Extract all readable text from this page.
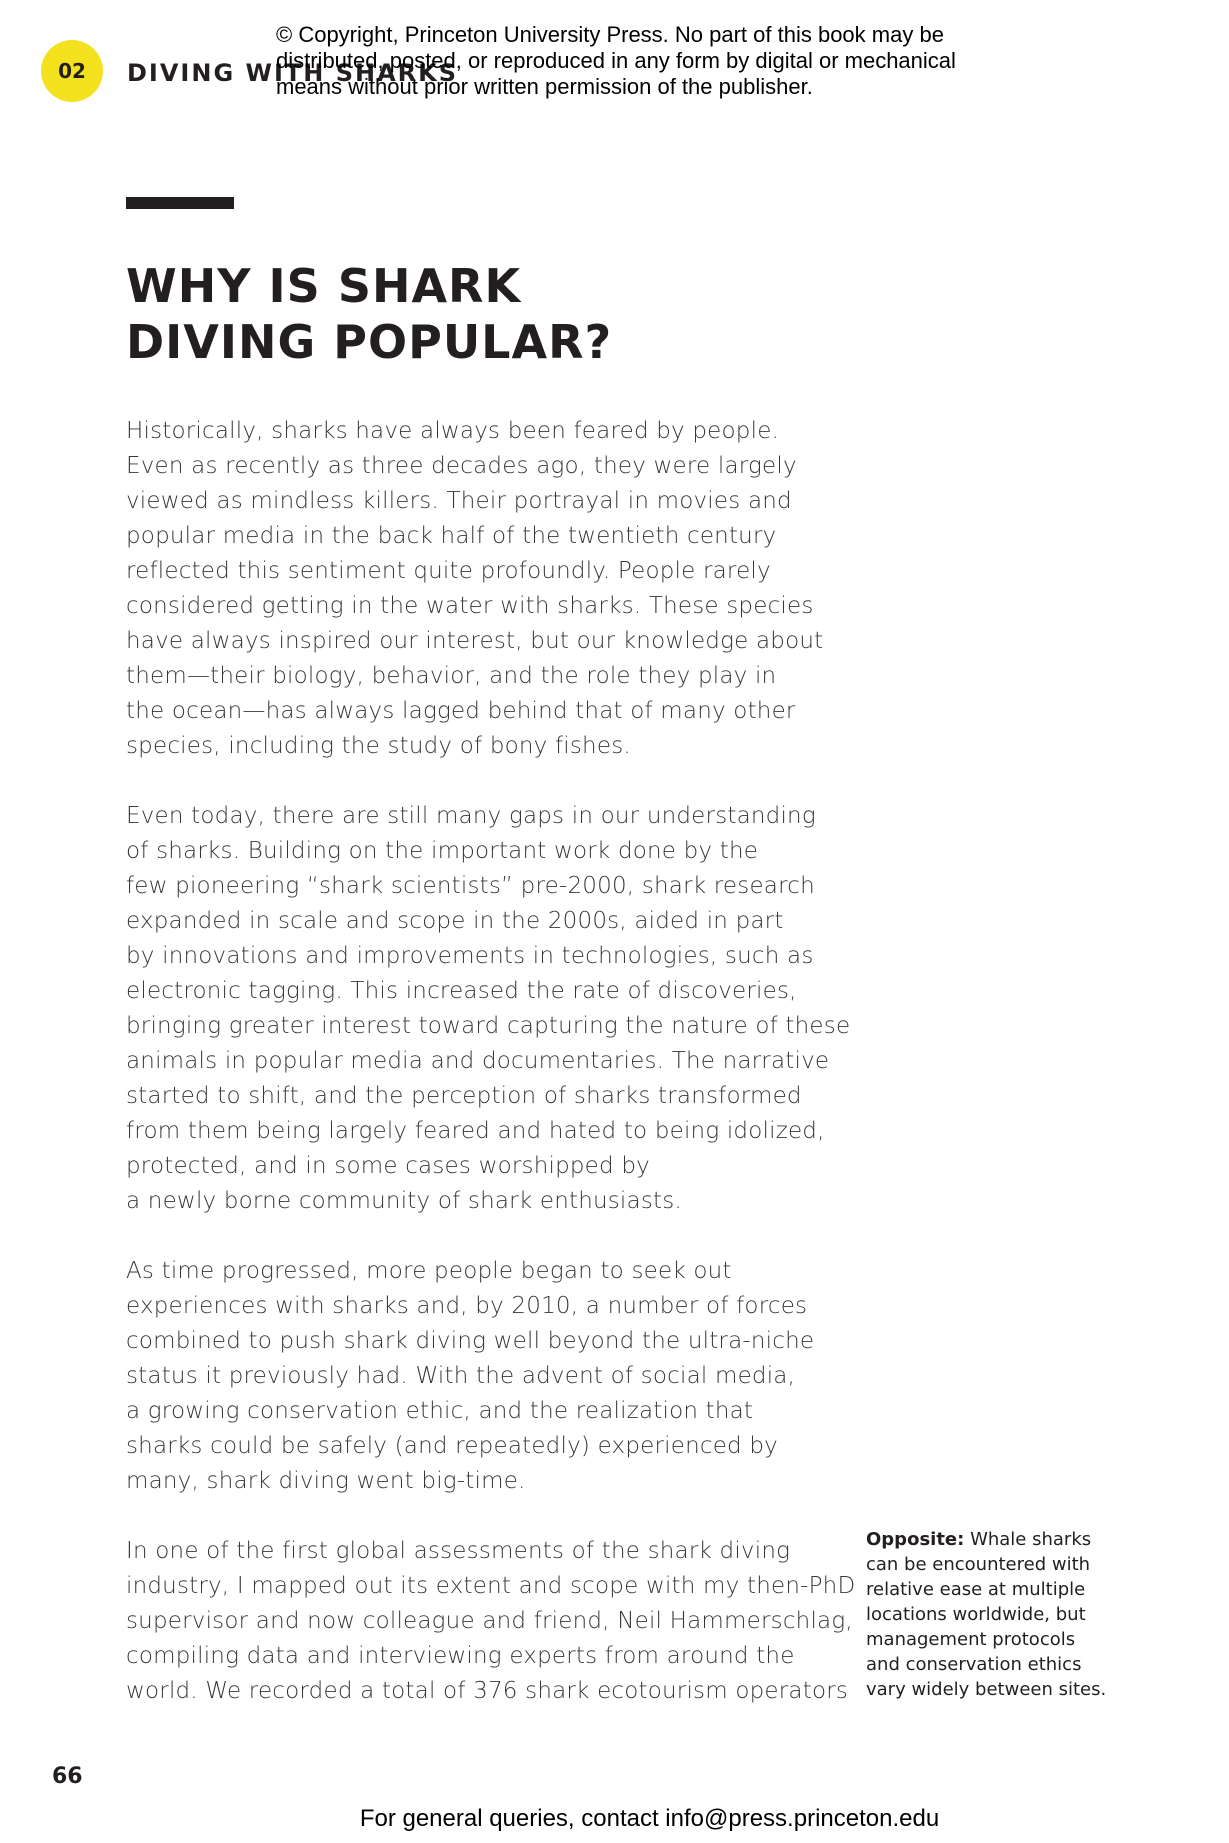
© Copyright, Princeton University Press. No part of this book may be
distributed, posted, or reproduced in any form by digital or mechanical
means without prior written permission of the publisher.
02 DIVING WITH SHARKS
WHY IS SHARK
DIVING POPULAR?

Historically, sharks have always been feared by people.
Even as recently as three decades ago, they were largely
viewed as mindless killers. Their portrayal in movies and
popular media in the back half of the twentieth century
reflected this sentiment quite profoundly. People rarely
considered getting in the water with sharks. These species
have always inspired our interest, but our knowledge about
them—their biology, behavior, and the role they play in
the ocean—has always lagged behind that of many other
species, including the study of bony fishes.

Even today, there are still many gaps in our understanding
of sharks. Building on the important work done by the
few pioneering “shark scientists” pre-2000, shark research
expanded in scale and scope in the 2000s, aided in part
by innovations and improvements in technologies, such as
electronic tagging. This increased the rate of discoveries,
bringing greater interest toward capturing the nature of these
animals in popular media and documentaries. The narrative
started to shift, and the perception of sharks transformed
from them being largely feared and hated to being idolized,
protected, and in some cases worshipped by
a newly borne community of shark enthusiasts.

As time progressed, more people began to seek out
experiences with sharks and, by 2010, a number of forces
combined to push shark diving well beyond the ultra-niche
status it previously had. With the advent of social media,
a growing conservation ethic, and the realization that
sharks could be safely (and repeatedly) experienced by
many, shark diving went big-time.

In one of the first global assessments of the shark diving
industry, I mapped out its extent and scope with my then-PhD
supervisor and now colleague and friend, Neil Hammerschlag,
compiling data and interviewing experts from around the
world. We recorded a total of 376 shark ecotourism operators

Opposite: Whale sharks
can be encountered with
relative ease at multiple
locations worldwide, but
management protocols
and conservation ethics
vary widely between sites.
66
For general queries, contact info@press.princeton.edu
